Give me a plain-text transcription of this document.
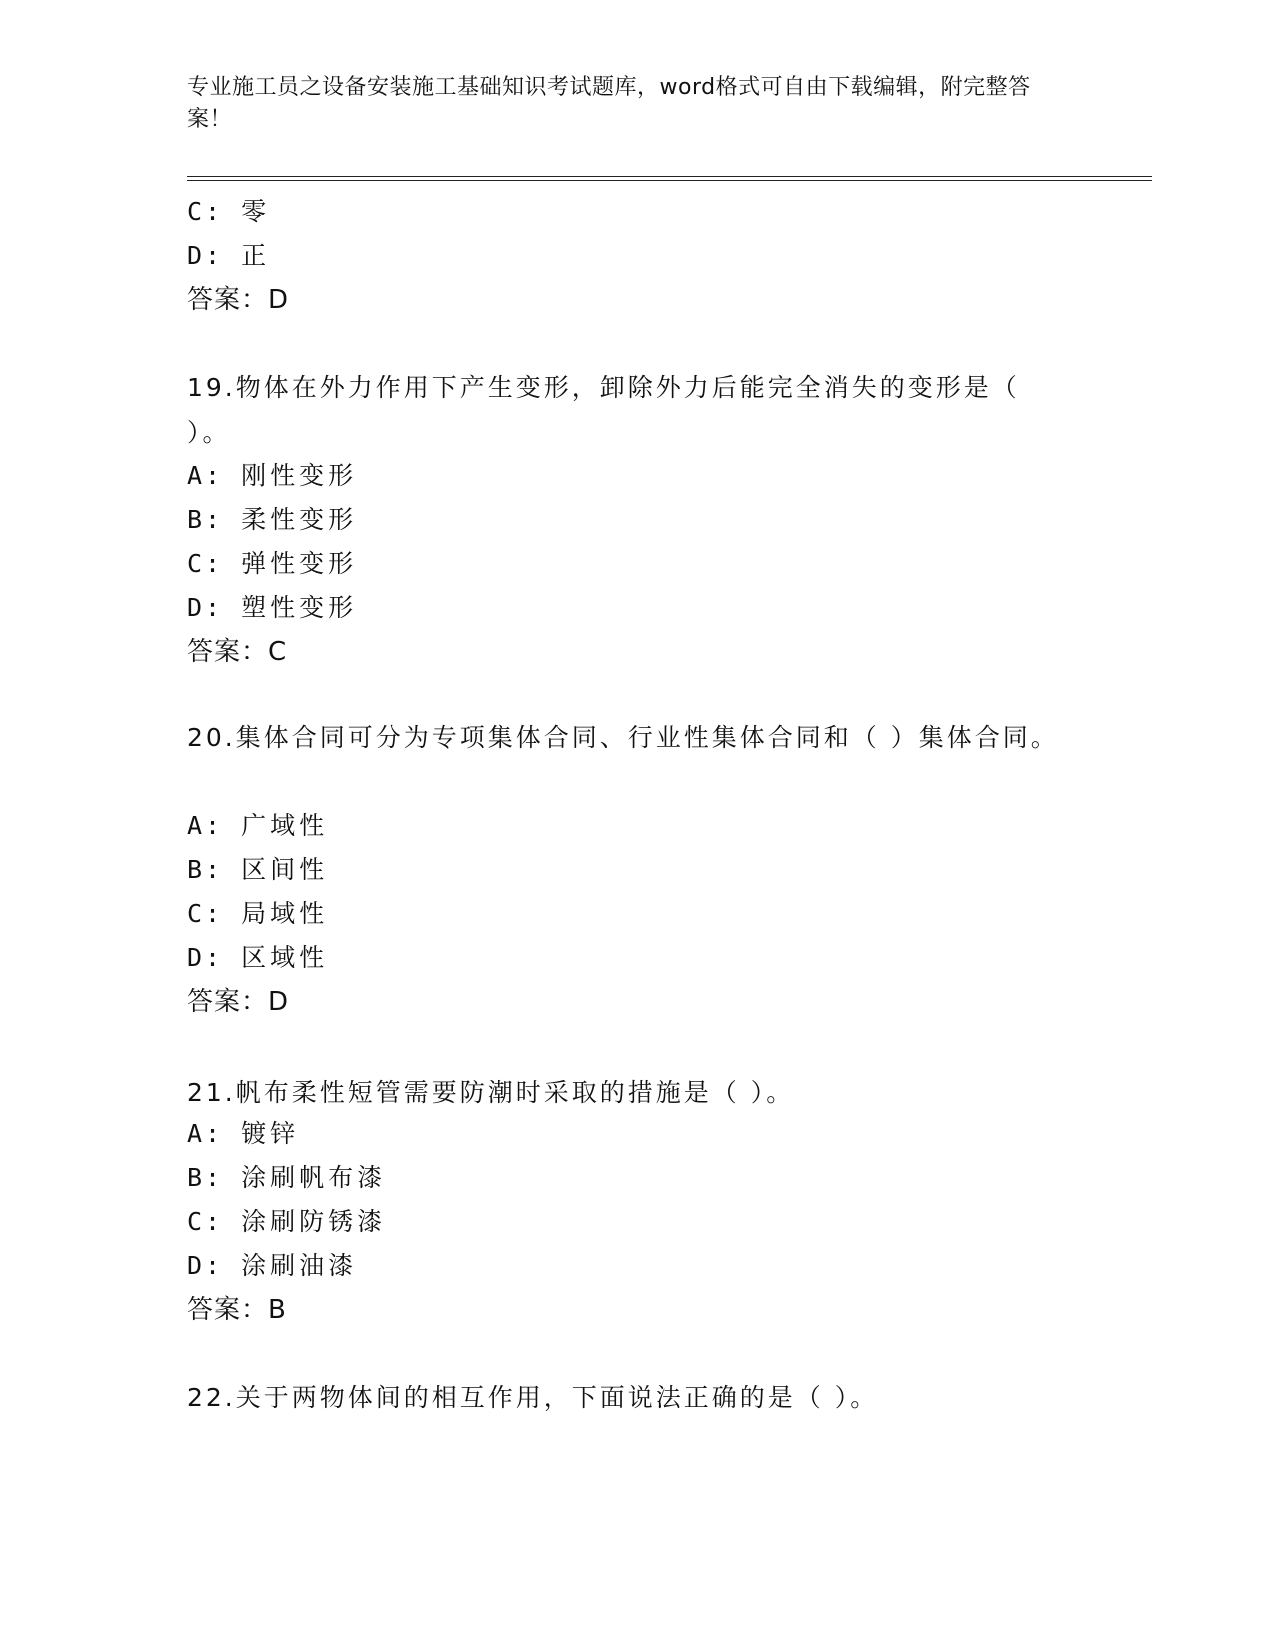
专业施工员之设备安装施工基础知识考试题库，word格式可自由下载编辑，附完整答案！
C: 零
D: 正
答案：D
19.物体在外力作用下产生变形，卸除外力后能完全消失的变形是（ ）。
A: 刚性变形
B: 柔性变形
C: 弹性变形
D: 塑性变形
答案：C
20.集体合同可分为专项集体合同、行业性集体合同和（ ）集体合同。
A: 广域性
B: 区间性
C: 局域性
D: 区域性
答案：D
21.帆布柔性短管需要防潮时采取的措施是（ ）。
A: 镀锌
B: 涂刷帆布漆
C: 涂刷防锈漆
D: 涂刷油漆
答案：B
22.关于两物体间的相互作用，下面说法正确的是（ ）。
